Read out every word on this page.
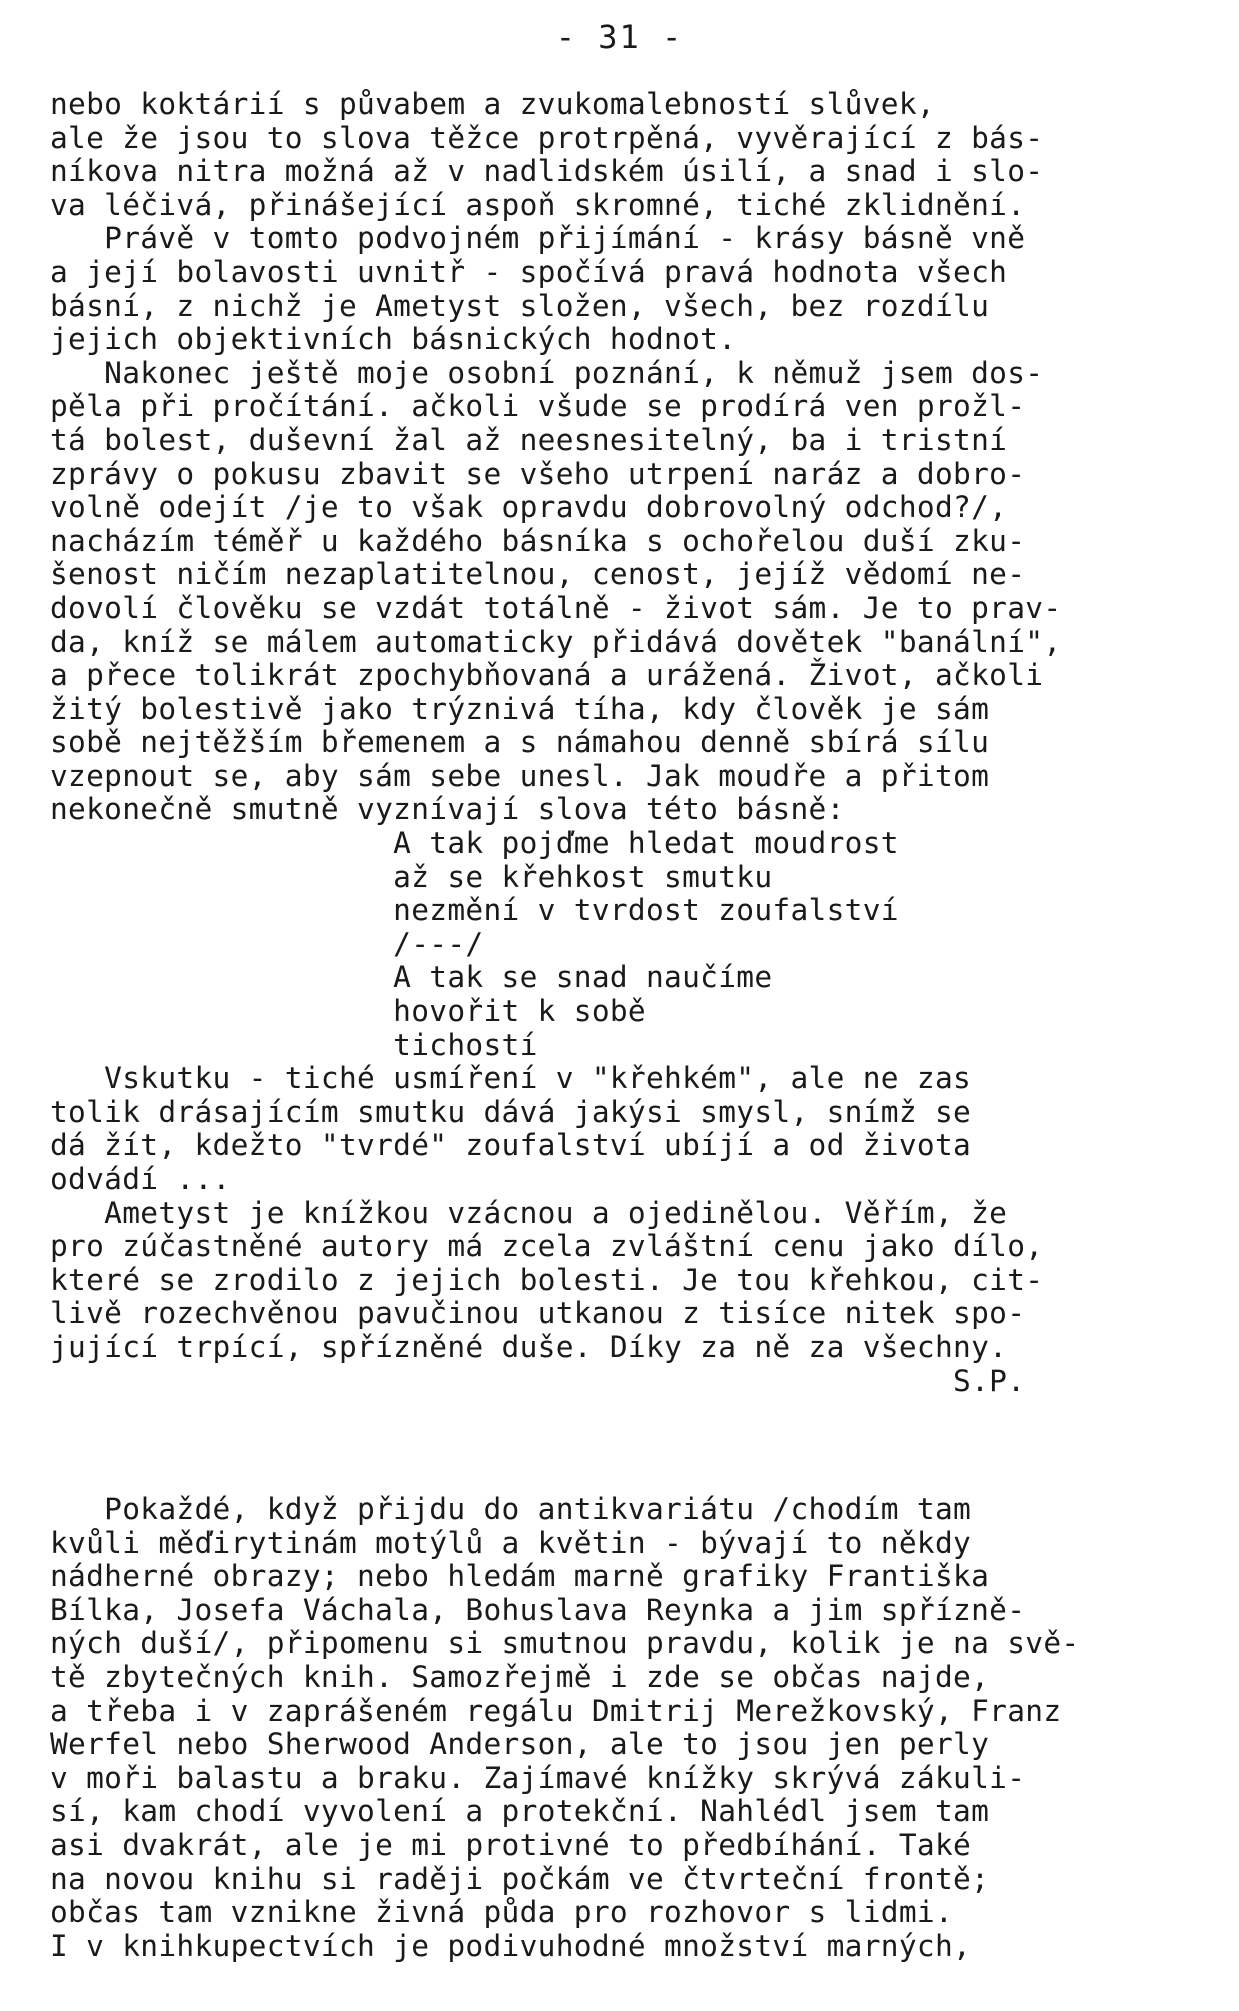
- 31 -
nebo koktárií s půvabem a zvukomalebností slůvek,
ale že jsou to slova těžce protrpěná, vyvěrající z bás-
níkova nitra možná až v nadlidském úsilí, a snad i slo-
va léčivá, přinášející aspoň skromné, tiché zklidnění.
Právě v tomto podvojném přijímání - krásy básně vně
a její bolavosti uvnitř - spočívá pravá hodnota všech
básní, z nichž je Ametyst složen, všech, bez rozdílu
jejich objektivních básnických hodnot.
Nakonec ještě moje osobní poznání, k němuž jsem dos-
pěla při pročítání. ačkoli všude se prodírá ven prožl-
tá bolest, duševní žal až neesnesitelný, ba i tristní
zprávy o pokusu zbavit se všeho utrpení naráz a dobro-
volně odejít /je to však opravdu dobrovolný odchod?/,
nacházím téměř u každého básníka s ochořelou duší zku-
šenost ničím nezaplatitelnou, cenost, jejíž vědomí ne-
dovolí člověku se vzdát totálně - život sám. Je to prav-
da, kníž se málem automaticky přidává dovětek "banální",
a přece tolikrát zpochybňovaná a urážená. Život, ačkoli
žitý bolestivě jako trýznivá tíha, kdy člověk je sám
sobě nejtěžším břemenem a s námahou denně sbírá sílu
vzepnout se, aby sám sebe unesl. Jak moudře a přitom
nekonečně smutně vyznívají slova této básně:
A tak pojďme hledat moudrost
až se křehkost smutku
nezmění v tvrdost zoufalství
/---/
A tak se snad naučíme
hovořit k sobě
tichostí
Vskutku - tiché usmíření v "křehkém", ale ne zas
tolik drásajícím smutku dává jakýsi smysl, snímž se
dá žít, kdežto "tvrdé" zoufalství ubíjí a od života
odvádí ...
Ametyst je knížkou vzácnou a ojedinělou. Věřím, že
pro zúčastněné autory má zcela zvláštní cenu jako dílo,
které se zrodilo z jejich bolesti. Je tou křehkou, cit-
livě rozechvěnou pavučinou utkanou z tisíce nitek spo-
jující trpící, spřízněné duše. Díky za ně za všechny.
S.P.
Pokaždé, když přijdu do antikvariátu /chodím tam
kvůli měďirytinám motýlů a květin - bývají to někdy
nádherné obrazy; nebo hledám marně grafiky Františka
Bílka, Josefa Váchala, Bohuslava Reynka a jim spřízně-
ných duší/, připomenu si smutnou pravdu, kolik je na svě-
tě zbytečných knih. Samozřejmě i zde se občas najde,
a třeba i v zaprášeném regálu Dmitrij Merežkovský, Franz
Werfel nebo Sherwood Anderson, ale to jsou jen perly
v moři balastu a braku. Zajímavé knížky skrývá zákuli-
sí, kam chodí vyvolení a protekční. Nahlédl jsem tam
asi dvakrát, ale je mi protivné to předbíhání. Také
na novou knihu si raději počkám ve čtvrteční frontě;
občas tam vznikne živná půda pro rozhovor s lidmi.
I v knihkupectvích je podivuhodné množství marných,
